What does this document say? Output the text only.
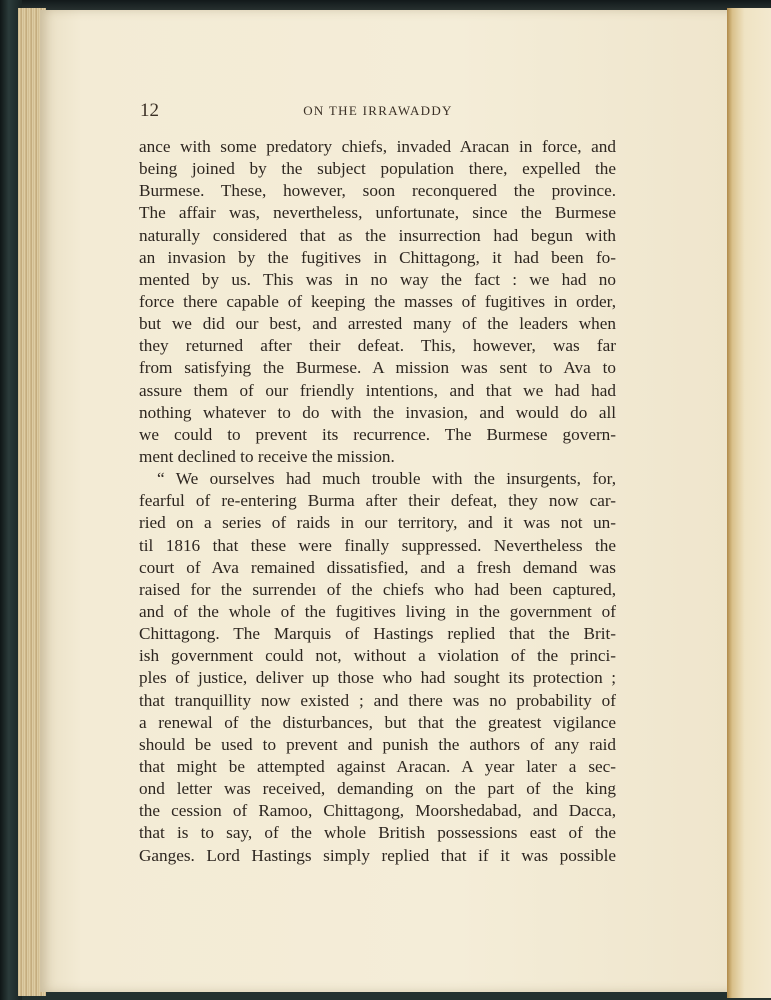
12	ON THE IRRAWADDY
ance with some predatory chiefs, invaded Aracan in force, and
being joined by the subject population there, expelled the
Burmese. These, however, soon reconquered the province.
The affair was, nevertheless, unfortunate, since the Burmese
naturally considered that as the insurrection had begun with
an invasion by the fugitives in Chittagong, it had been fo-
mented by us. This was in no way the fact : we had no
force there capable of keeping the masses of fugitives in order,
but we did our best, and arrested many of the leaders when
they returned after their defeat. This, however, was far
from satisfying the Burmese. A mission was sent to Ava to
assure them of our friendly intentions, and that we had had
nothing whatever to do with the invasion, and would do all
we could to prevent its recurrence. The Burmese govern-
ment declined to receive the mission.
“ We ourselves had much trouble with the insurgents, for,
fearful of re-entering Burma after their defeat, they now car-
ried on a series of raids in our territory, and it was not un-
til 1816 that these were finally suppressed. Nevertheless the
court of Ava remained dissatisfied, and a fresh demand was
raised for the surrendeı of the chiefs who had been captured,
and of the whole of the fugitives living in the government of
Chittagong. The Marquis of Hastings replied that the Brit-
ish government could not, without a violation of the princi-
ples of justice, deliver up those who had sought its protection ;
that tranquillity now existed ; and there was no probability of
a renewal of the disturbances, but that the greatest vigilance
should be used to prevent and punish the authors of any raid
that might be attempted against Aracan. A year later a sec-
ond letter was received, demanding on the part of the king
the cession of Ramoo, Chittagong, Moorshedabad, and Dacca,
that is to say, of the whole British possessions east of the
Ganges. Lord Hastings simply replied that if it was possible
